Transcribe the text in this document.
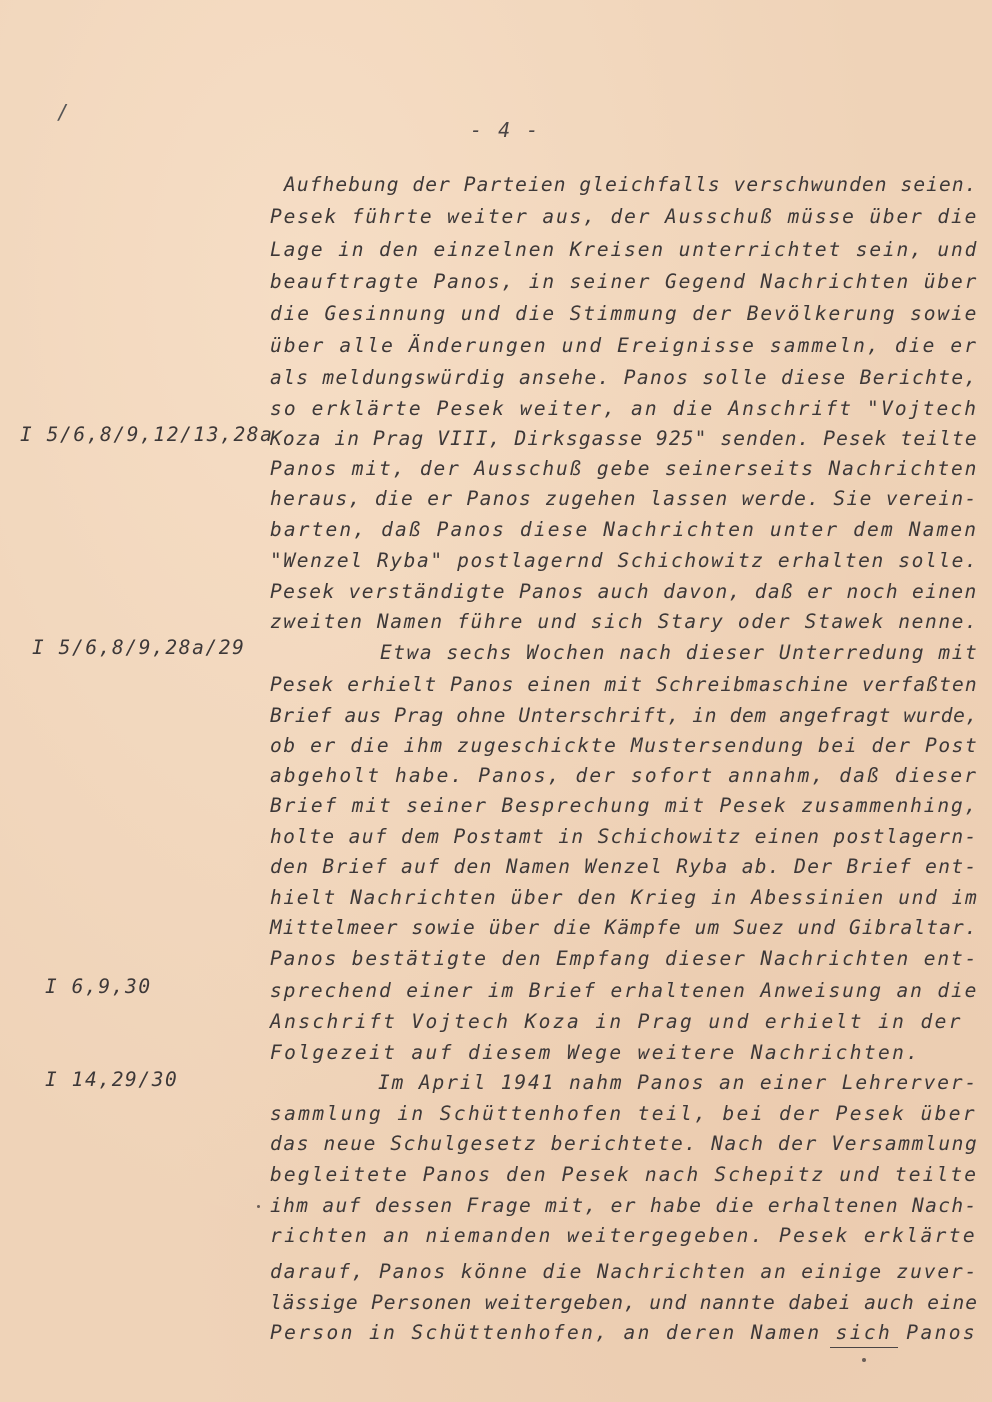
/
- 4 -
I 5/6,8/9,12/13,28a
I 5/6,8/9,28a/29
I 6,9,30
I 14,29/30
Aufhebung der Parteien gleichfalls verschwunden seien.
Pesek führte weiter aus, der Ausschuß müsse über die
Lage in den einzelnen Kreisen unterrichtet sein, und
beauftragte Panos, in seiner Gegend Nachrichten über
die Gesinnung und die Stimmung der Bevölkerung sowie
über alle Änderungen und Ereignisse sammeln, die er
als meldungswürdig ansehe. Panos solle diese Berichte,
so erklärte Pesek weiter, an die Anschrift "Vojtech
Koza in Prag VIII, Dirksgasse 925" senden. Pesek teilte
Panos mit, der Ausschuß gebe seinerseits Nachrichten
heraus, die er Panos zugehen lassen werde. Sie verein-
barten, daß Panos diese Nachrichten unter dem Namen
"Wenzel Ryba" postlagernd Schichowitz erhalten solle.
Pesek verständigte Panos auch davon, daß er noch einen
zweiten Namen führe und sich Stary oder Stawek nenne.
Etwa sechs Wochen nach dieser Unterredung mit
Pesek erhielt Panos einen mit Schreibmaschine verfaßten
Brief aus Prag ohne Unterschrift, in dem angefragt wurde,
ob er die ihm zugeschickte Mustersendung bei der Post
abgeholt habe. Panos, der sofort annahm, daß dieser
Brief mit seiner Besprechung mit Pesek zusammenhing,
holte auf dem Postamt in Schichowitz einen postlagern-
den Brief auf den Namen Wenzel Ryba ab. Der Brief ent-
hielt Nachrichten über den Krieg in Abessinien und im
Mittelmeer sowie über die Kämpfe um Suez und Gibraltar.
Panos bestätigte den Empfang dieser Nachrichten ent-
sprechend einer im Brief erhaltenen Anweisung an die
Anschrift Vojtech Koza in Prag und erhielt in der
Folgezeit auf diesem Wege weitere Nachrichten.
Im April 1941 nahm Panos an einer Lehrerver-
sammlung in Schüttenhofen teil, bei der Pesek über
das neue Schulgesetz berichtete. Nach der Versammlung
begleitete Panos den Pesek nach Schepitz und teilte
ihm auf dessen Frage mit, er habe die erhaltenen Nach-
richten an niemanden weitergegeben. Pesek erklärte
darauf, Panos könne die Nachrichten an einige zuver-
lässige Personen weitergeben, und nannte dabei auch eine
Person in Schüttenhofen, an deren Namen sich Panos
